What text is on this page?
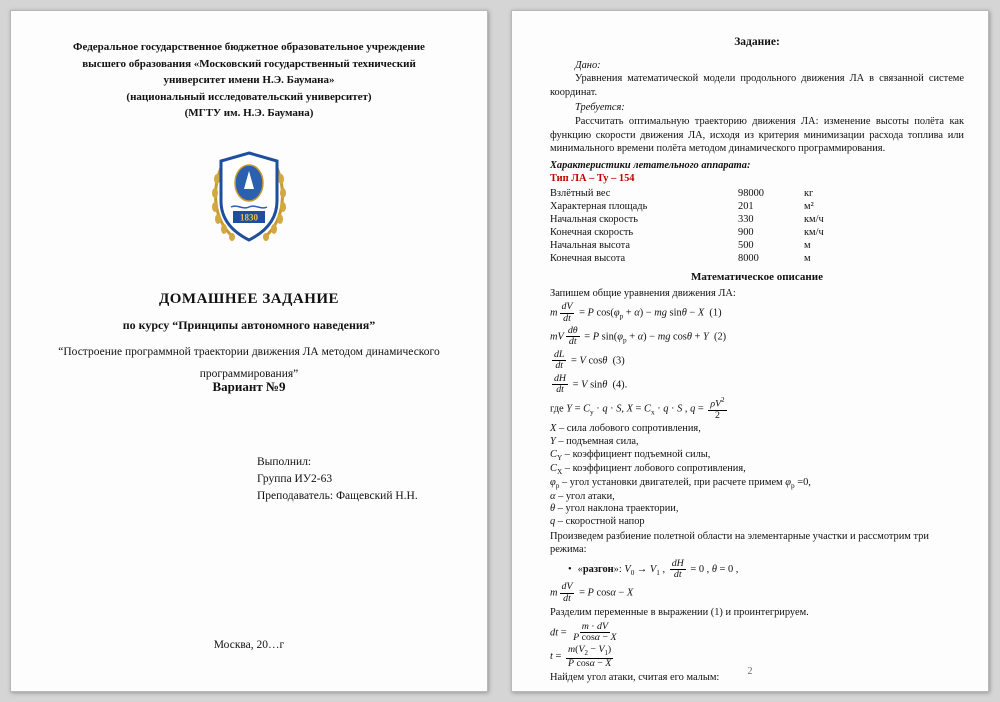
Федеральное государственное бюджетное образовательное учреждение
высшего образования «Московский государственный технический
университет имени Н.Э. Баумана»
(национальный исследовательский университет)
(МГТУ им. Н.Э. Баумана)
1830
ДОМАШНЕЕ ЗАДАНИЕ
по курсу “Принципы автономного наведения”
“Построение программной траектории движения ЛА методом динамического
программирования”
Вариант №9
Выполнил:
Группа ИУ2-63
Преподаватель: Фащевский Н.Н.
Москва, 20…г
Задание:

Дано:

Уравнения математической модели продольного движения ЛА в связанной системе координат.

Требуется:

Рассчитать оптимальную траекторию движения ЛА: изменение высоты полёта как функцию скорости движения ЛА, исходя из критерия минимизации расхода топлива или минимального времени полёта методом динамического программирования.

Характеристики летательного аппарата:

Тип ЛА – Ту – 154

Взлётный вес	98000	кг
Характерная площадь	201	м²
Начальная скорость	330	км/ч
Конечная скорость	900	км/ч
Начальная высота	500	м
Конечная высота	8000	м
Математическое описание

Запишем общие уравнения движения ЛА:

m $\frac{dV}{dt} = P$ $\cos(\varphi_р + \alpha)$ − mg sinθ − X  (1)
mV $\frac{d\theta}{dt} = P$ $\sin(\varphi_р + \alpha)$ − mg cosθ + Y  (2)
$\frac{dL}{dt} = V$ cosθ  (3)
$\frac{dH}{dt} = V$ sinθ  (4).
где $Y = C_y \cdot q \cdot S$, $X = C_x \cdot q \cdot S$ , $q = \frac{\rho V^2}{2}$
X – сила лобового сопротивления,
Y – подъемная сила,
$C_Y$ – коэффициент подъемной силы,
$C_X$ – коэффициент лобового сопротивления,
$\varphi_р$ – угол установки двигателей, при расчете примем $\varphi_р =0$,
α – угол атаки,
θ – угол наклона траектории,
q – скоростной напор

Произведем разбиение полетной области на элементарные участки и рассмотрим три режима:

• «разгон»: $V_0 \to V_1$ , $\frac{dH}{dt} = 0$ , θ = 0 ,
m $\frac{dV}{dt} = P$ cosα − X

Разделим переменные в выражении (1) и проинтегрируем.

dt = $\frac{m \cdot dV}{\text{P cosα − X}}$
$t = \frac{m(V_2 - V_1)}{\text{P cosα − X}}$

Найдем угол атаки, считая его малым:

2
